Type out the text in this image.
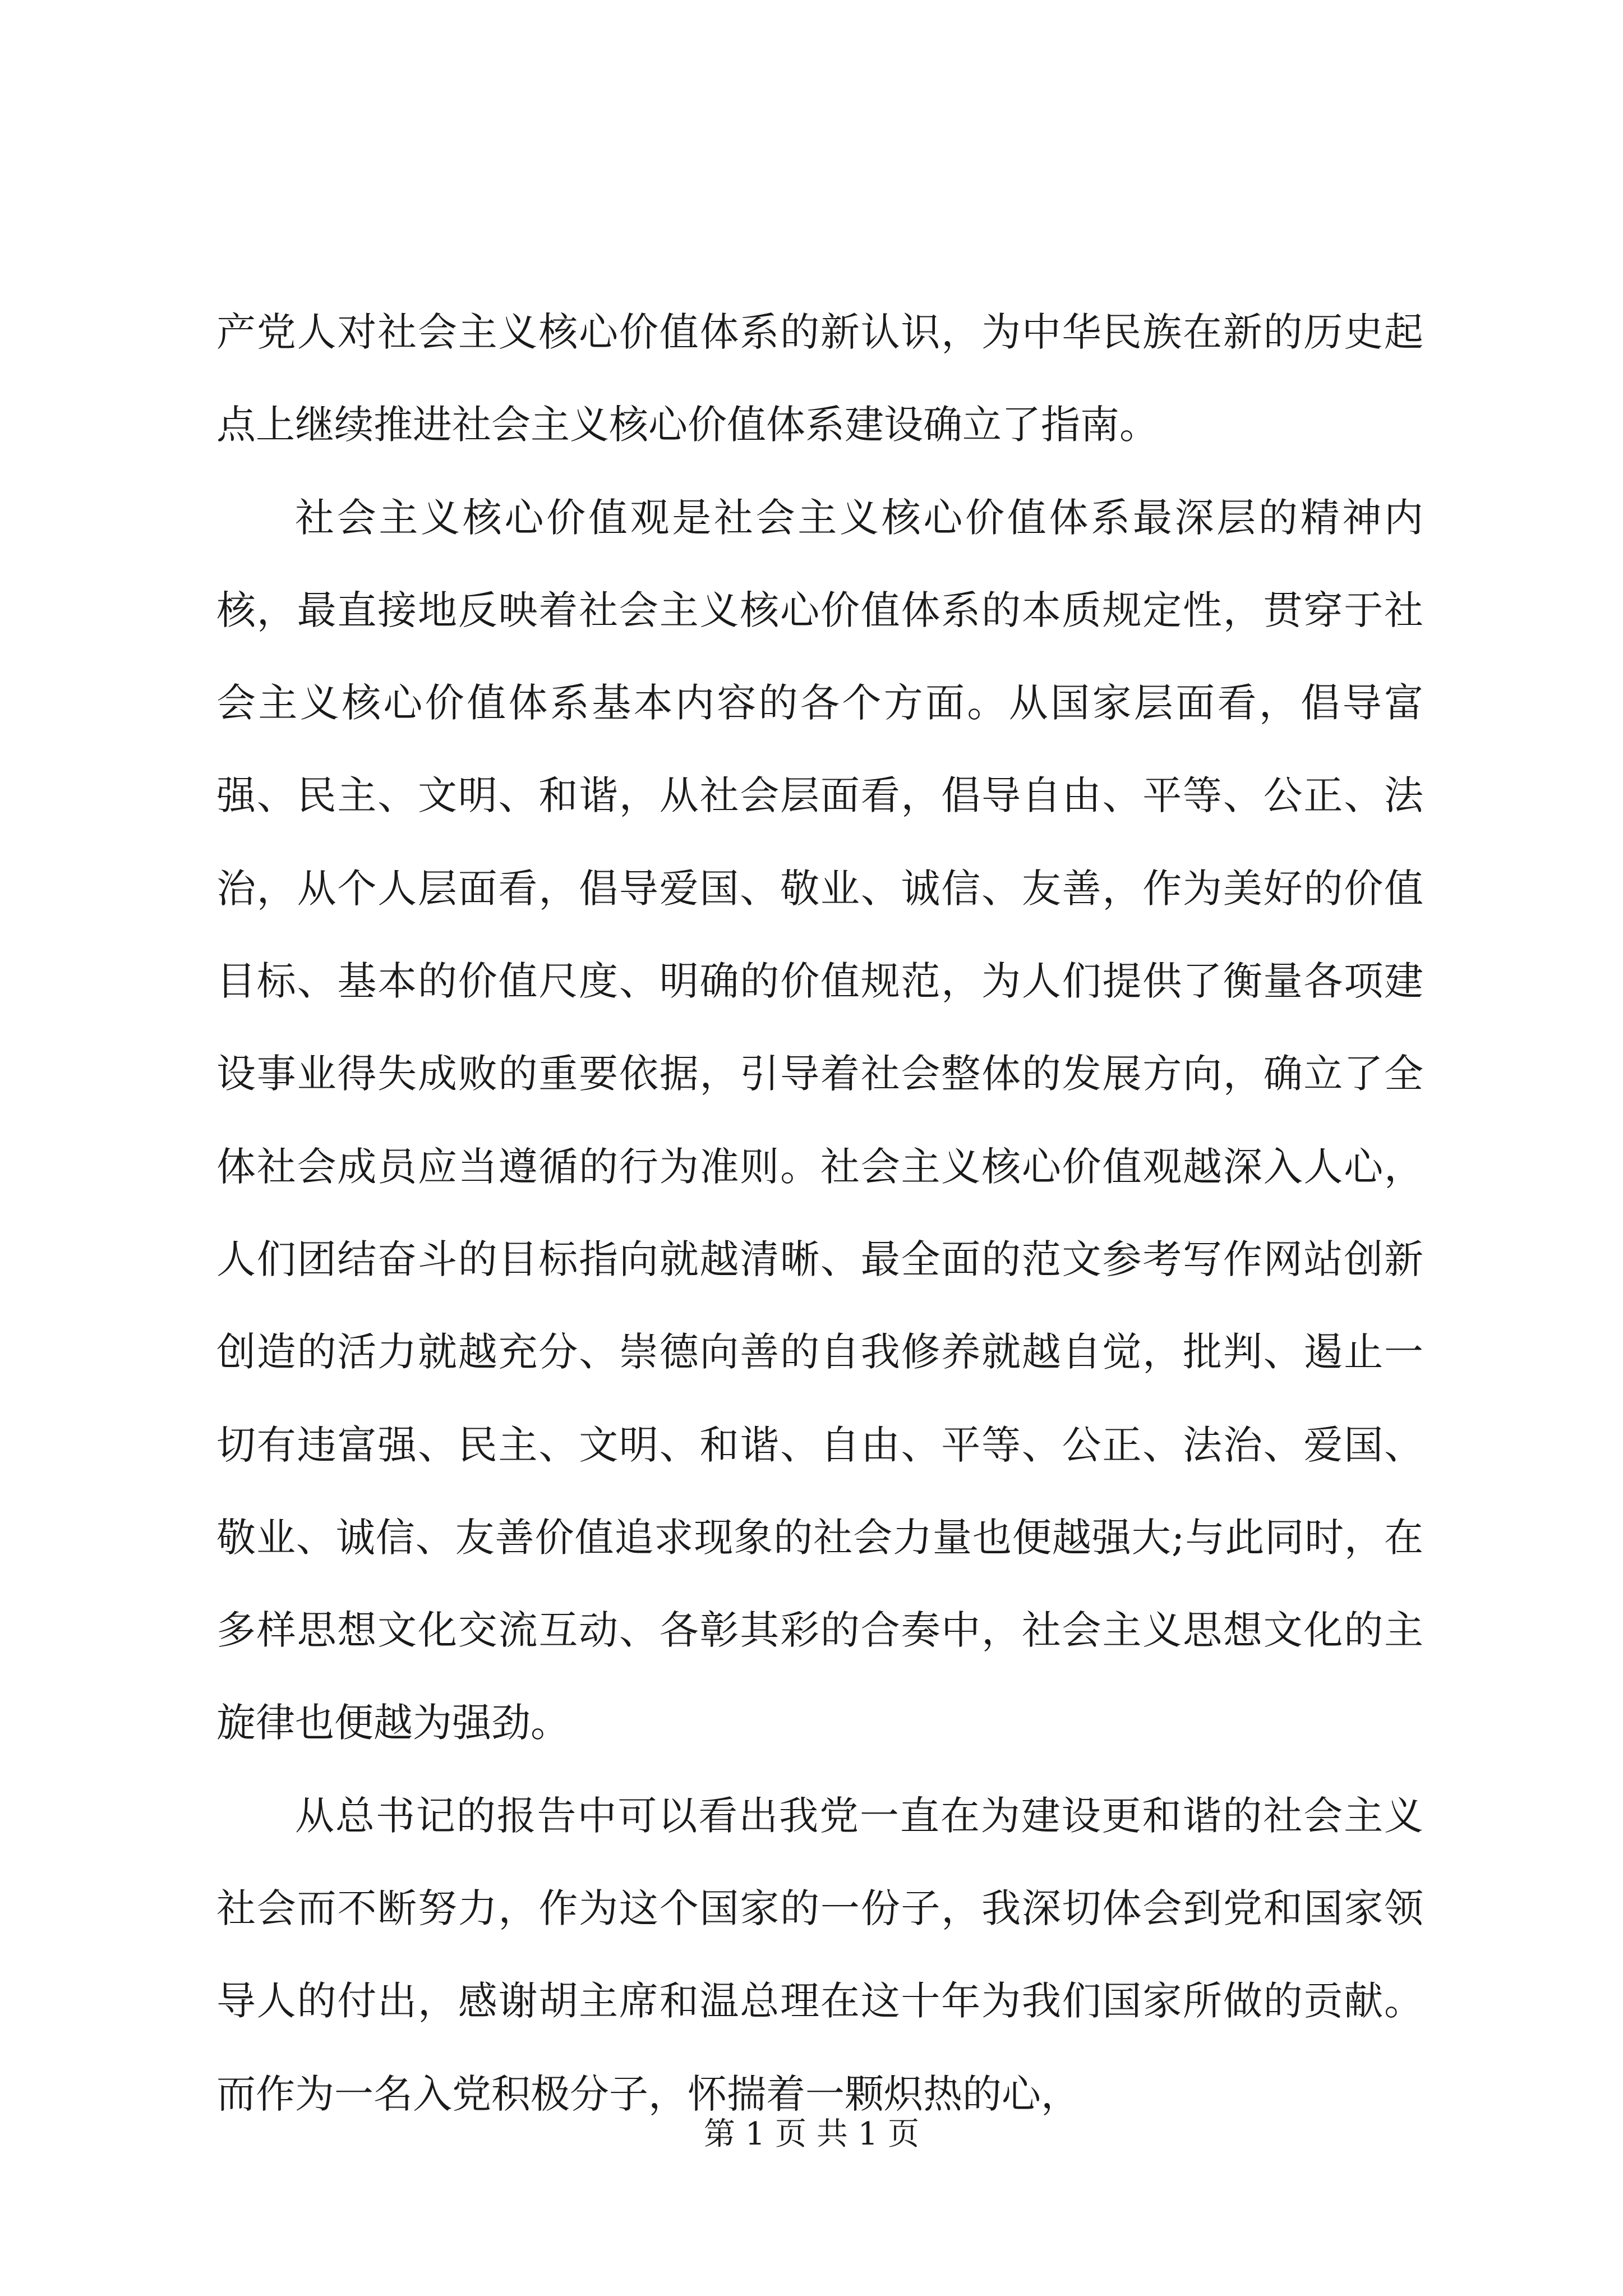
产党人对社会主义核心价值体系的新认识，为中华民族在新的历史起点上继续推进社会主义核心价值体系建设确立了指南。

社会主义核心价值观是社会主义核心价值体系最深层的精神内核，最直接地反映着社会主义核心价值体系的本质规定性，贯穿于社会主义核心价值体系基本内容的各个方面。从国家层面看，倡导富强、民主、文明、和谐，从社会层面看，倡导自由、平等、公正、法治，从个人层面看，倡导爱国、敬业、诚信、友善，作为美好的价值目标、基本的价值尺度、明确的价值规范，为人们提供了衡量各项建设事业得失成败的重要依据，引导着社会整体的发展方向，确立了全体社会成员应当遵循的行为准则。社会主义核心价值观越深入人心，人们团结奋斗的目标指向就越清晰、最全面的范文参考写作网站创新创造的活力就越充分、崇德向善的自我修养就越自觉，批判、遏止一切有违富强、民主、文明、和谐、自由、平等、公正、法治、爱国、敬业、诚信、友善价值追求现象的社会力量也便越强大;与此同时，在多样思想文化交流互动、各彰其彩的合奏中，社会主义思想文化的主旋律也便越为强劲。

从总书记的报告中可以看出我党一直在为建设更和谐的社会主义社会而不断努力，作为这个国家的一份子，我深切体会到党和国家领导人的付出，感谢胡主席和温总理在这十年为我们国家所做的贡献。而作为一名入党积极分子，怀揣着一颗炽热的心，

第 1 页 共 1 页
